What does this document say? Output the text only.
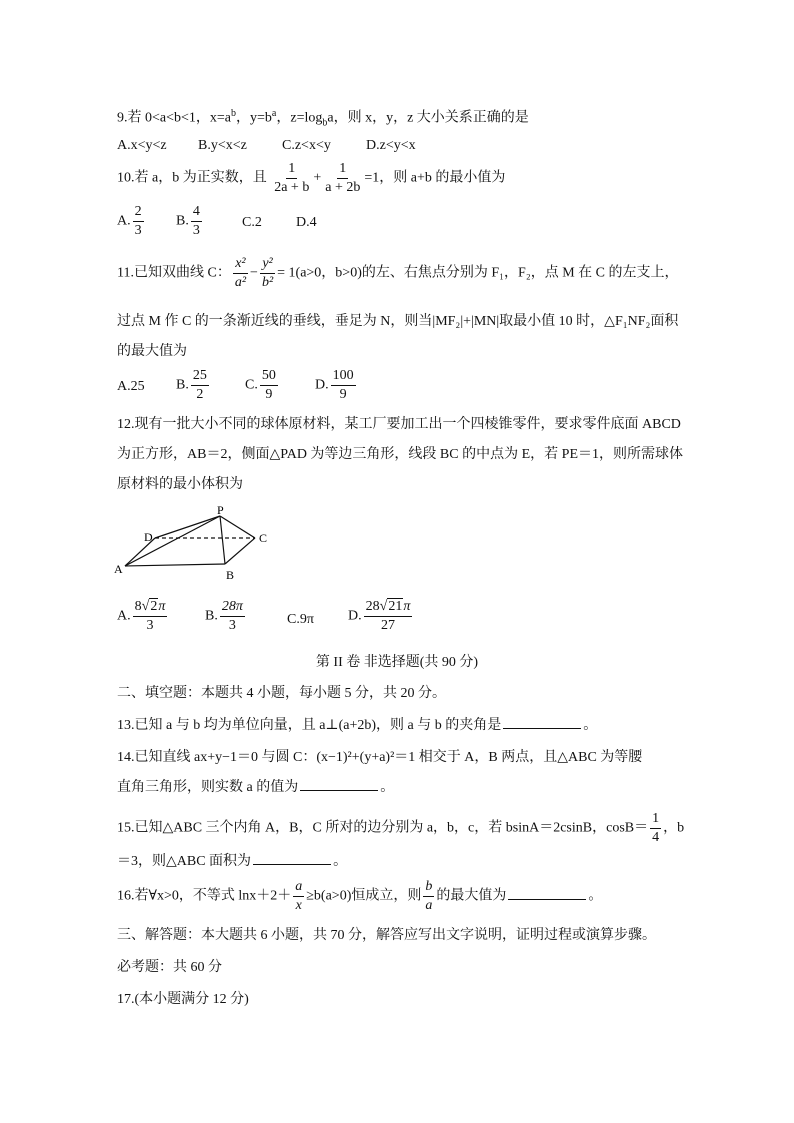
9.若 0<a<b<1，$x=a^b$，$y=b^a$，$z=\log_ba$，则 x，y，z 大小关系正确的是
A.x<y<z B.y<x<z	C.z<x<y	D.z<y<x
10.若 a，b 为正实数，且 $\frac{1}{2a + b} + \frac{1}{a + 2b} =1$，则 a+b 的最小值为
A. $\frac{2}{3} B$. $\frac{4}{3}$	C.2 D.4
11.已知双曲线 C： $\frac{\text{x²}}{\text{a²}} - \frac{\text{y²}}{\text{b²}} = 1(a>0$，b>0)的左、右焦点分别为 F₁，F₂，点 M 在 C 的左支上，
过点 M 作 C 的一条渐近线的垂线，垂足为 N，则当|MF₂|+|MN|取最小值 10 时，△F₁NF₂面积
的最大值为
A.25 B. $\frac{25}{2}$	C. $\frac{50}{9}$	D. $\frac{100}{9}$
12.现有一批大小不同的球体原材料，某工厂要加工出一个四棱锥零件，要求零件底面 ABCD
为正方形，AB＝2，侧面△PAD 为等边三角形，线段 BC 的中点为 E，若 PE＝1，则所需球体
原材料的最小体积为
P
D	C
A	B
A. $\frac{8√2\pi}{3}$	B. $\frac{28\pi}{3}$	C.9π D. $\frac{28√21\pi}{27}$
第 II 卷 非选择题(共 90 分)
二、填空题：本题共 4 小题，每小题 5 分，共 20 分。
13.已知 a 与 b 均为单位向量，且 a⊥(a+2b)，则 a 与 b 的夹角是	。
14.已知直线 ax+y−1＝0 与圆 C：(x−1)²+(y+a)²＝1 相交于 A，B 两点，且△ABC 为等腰
直角三角形，则实数 a 的值为	。
15.已知△ABC 三个内角 A，B，C 所对的边分别为 a，b，c，若 bsinA＝2csinB，$\cos B= \frac{1}{4}$ ，b
＝3，则△ABC 面积为	。
16.若∀x>0，不等式 $\ln x+2+ \frac{a}{x} \ge b(a>0)$恒成立，则 $\frac{b}{a}$ 的最大值为	。
三、解答题：本大题共 6 小题，共 70 分，解答应写出文字说明，证明过程或演算步骤。
必考题：共 60 分
17.(本小题满分 12 分)
